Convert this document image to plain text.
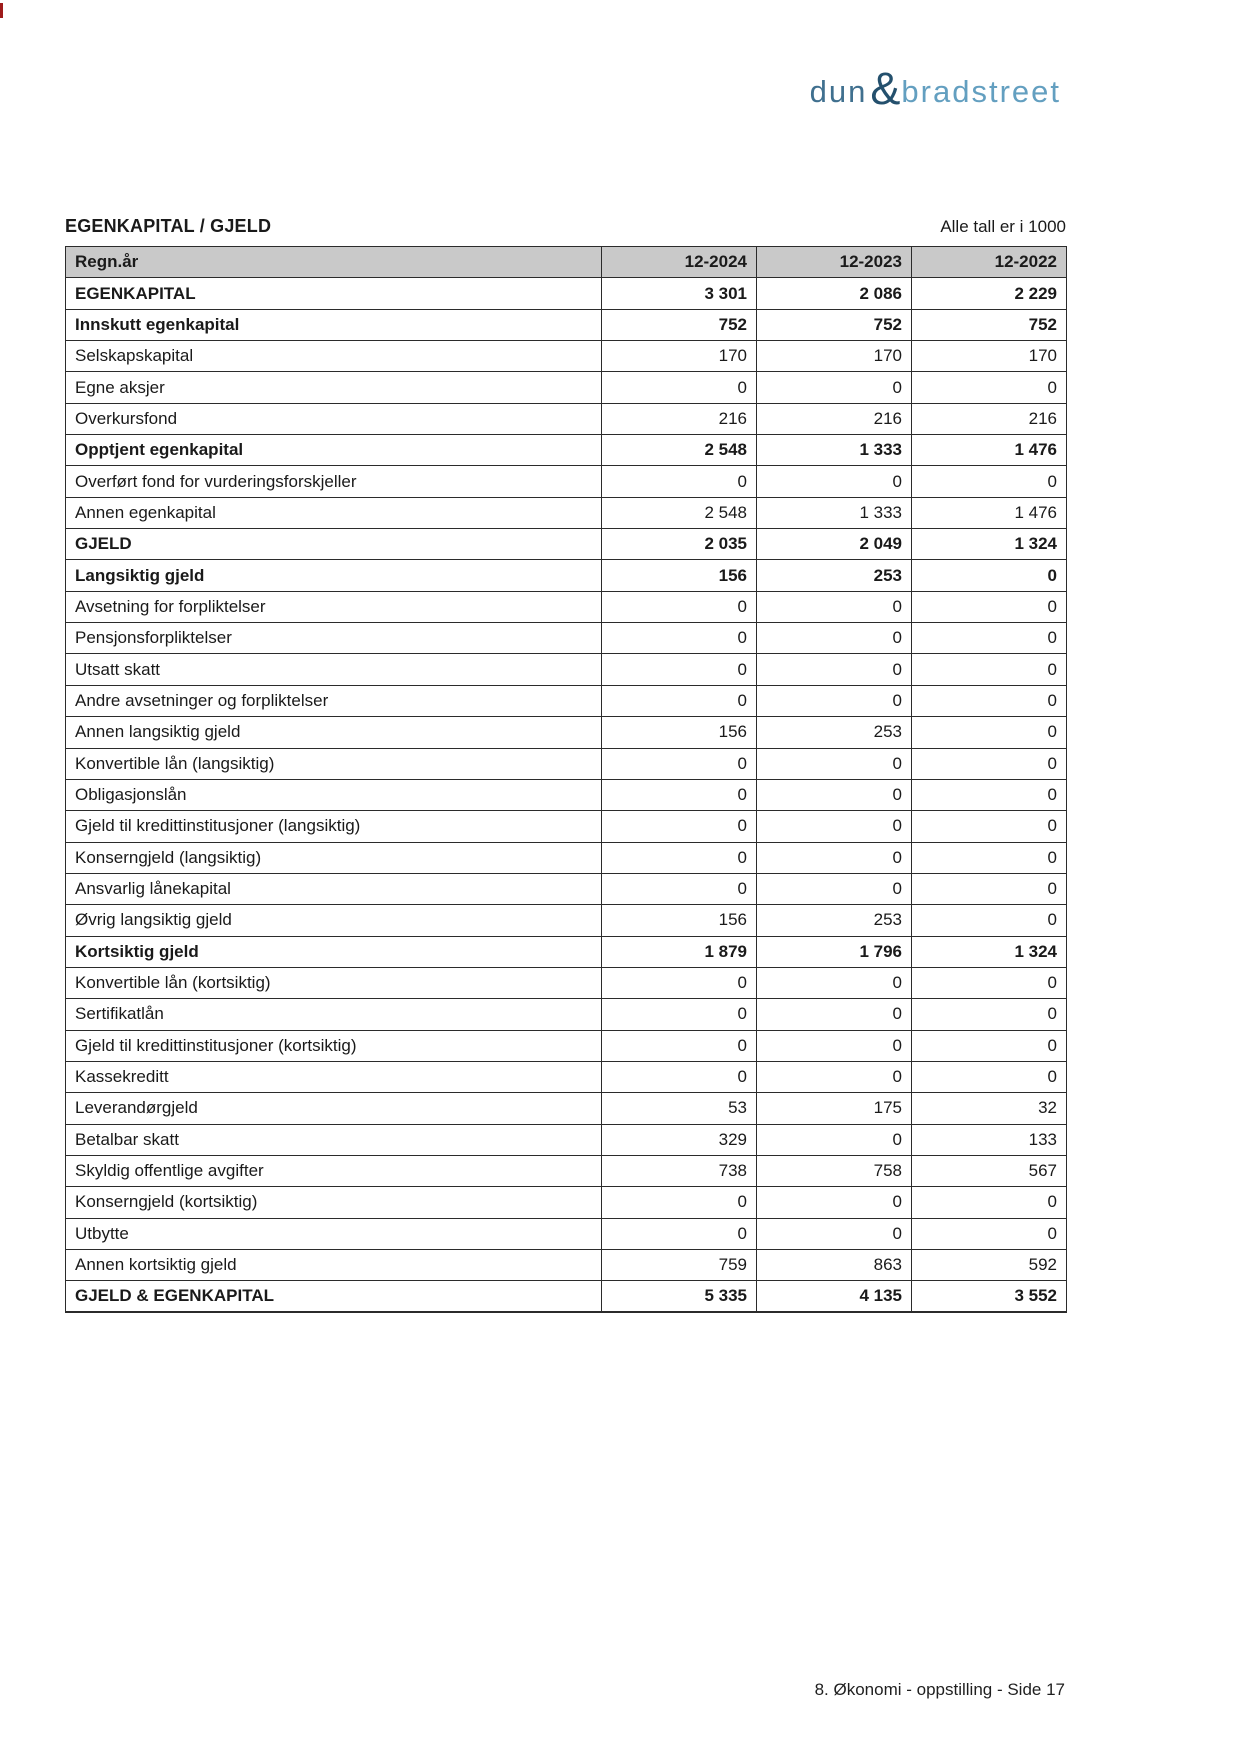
dun & bradstreet
EGENKAPITAL / GJELD	Alle tall er i 1000
Regn.år	12-2024	12-2023	12-2022
EGENKAPITAL	3 301	2 086	2 229
Innskutt egenkapital	752	752	752
Selskapskapital	170	170	170
Egne aksjer	0	0	0
Overkursfond	216	216	216
Opptjent egenkapital	2 548	1 333	1 476
Overført fond for vurderingsforskjeller	0	0	0
Annen egenkapital	2 548	1 333	1 476
GJELD	2 035	2 049	1 324
Langsiktig gjeld	156	253	0
Avsetning for forpliktelser	0	0	0
Pensjonsforpliktelser	0	0	0
Utsatt skatt	0	0	0
Andre avsetninger og forpliktelser	0	0	0
Annen langsiktig gjeld	156	253	0
Konvertible lån (langsiktig)	0	0	0
Obligasjonslån	0	0	0
Gjeld til kredittinstitusjoner (langsiktig)	0	0	0
Konserngjeld (langsiktig)	0	0	0
Ansvarlig lånekapital	0	0	0
Øvrig langsiktig gjeld	156	253	0
Kortsiktig gjeld	1 879	1 796	1 324
Konvertible lån (kortsiktig)	0	0	0
Sertifikatlån	0	0	0
Gjeld til kredittinstitusjoner (kortsiktig)	0	0	0
Kassekreditt	0	0	0
Leverandørgjeld	53	175	32
Betalbar skatt	329	0	133
Skyldig offentlige avgifter	738	758	567
Konserngjeld (kortsiktig)	0	0	0
Utbytte	0	0	0
Annen kortsiktig gjeld	759	863	592
GJELD & EGENKAPITAL	5 335	4 135	3 552
8. Økonomi - oppstilling - Side 17
